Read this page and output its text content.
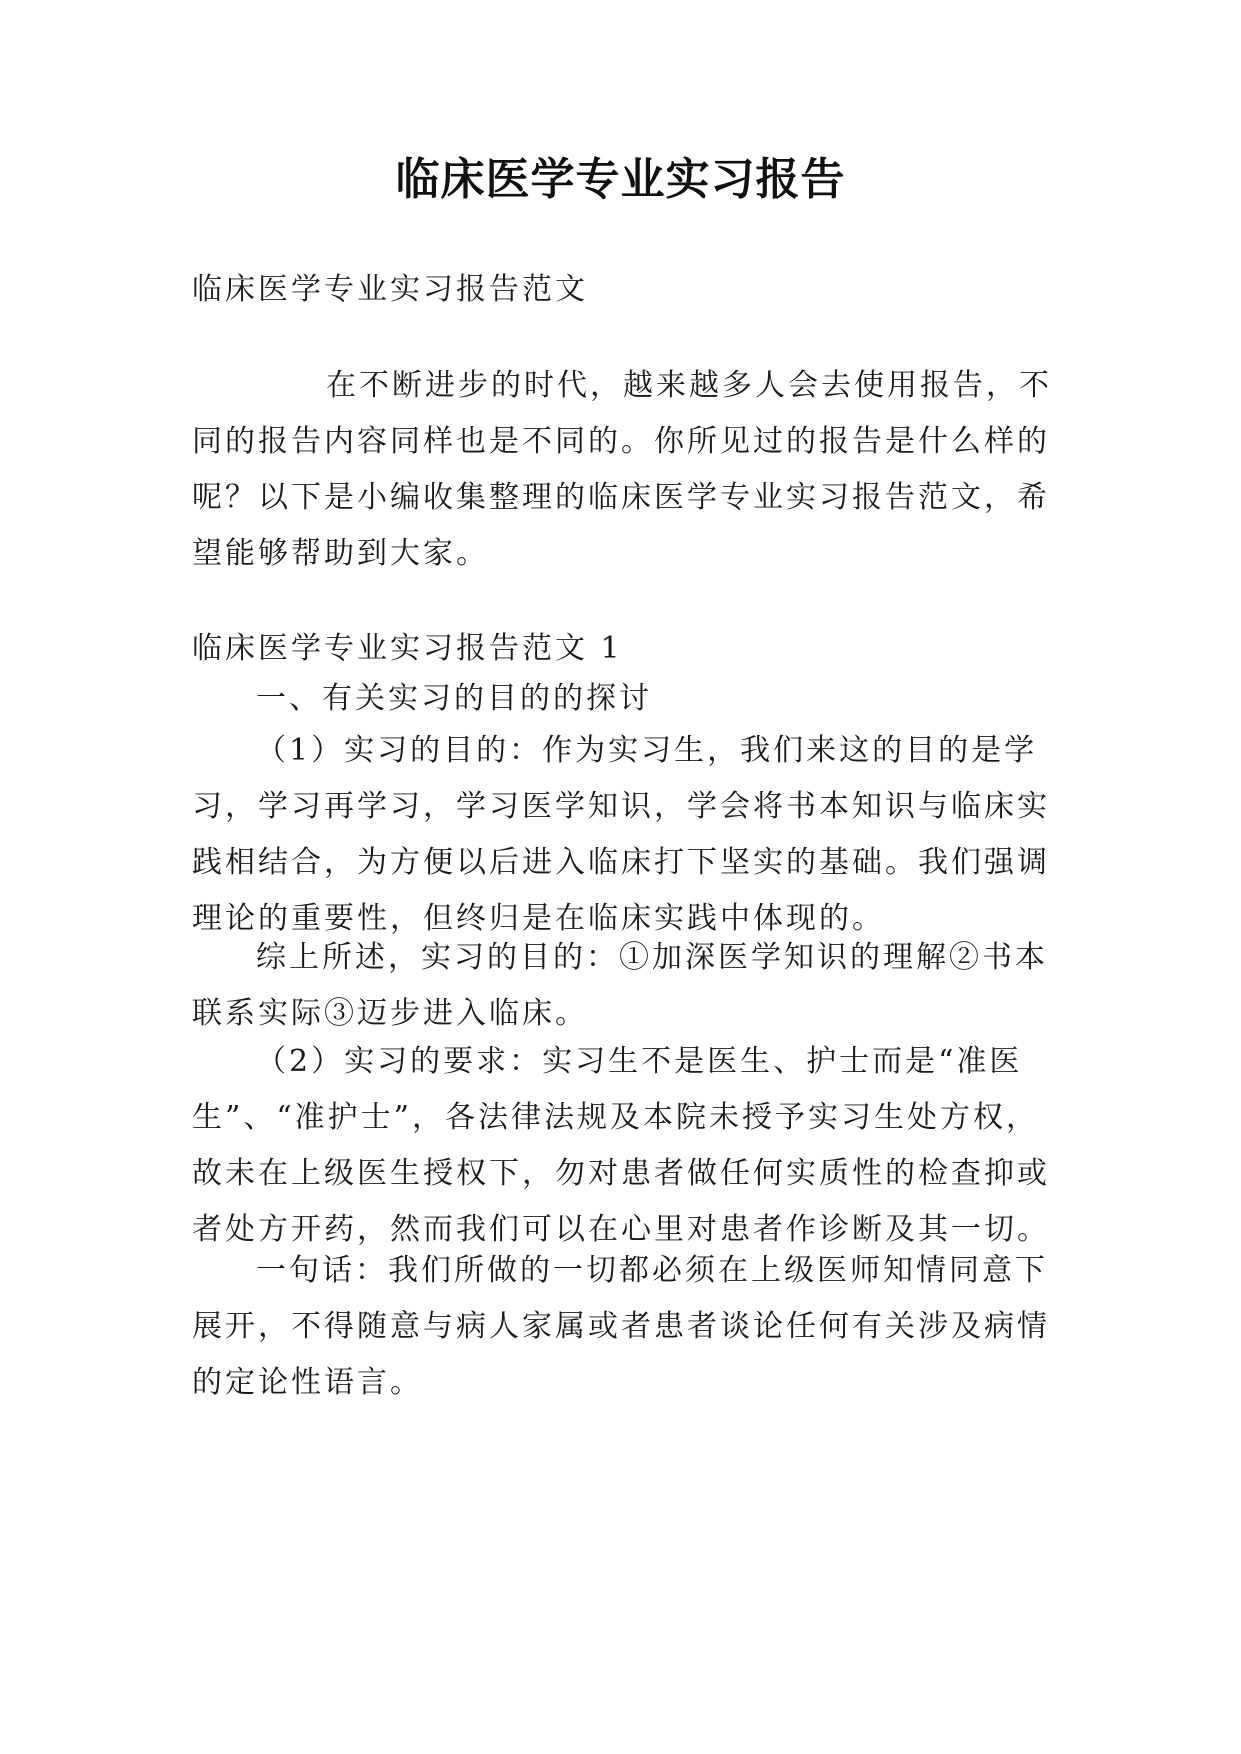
临床医学专业实习报告
临床医学专业实习报告范文
在不断进步的时代，越来越多人会去使用报告，不
同的报告内容同样也是不同的。你所见过的报告是什么样的
呢？以下是小编收集整理的临床医学专业实习报告范文，希
望能够帮助到大家。
临床医学专业实习报告范文 1
一、有关实习的目的的探讨
（1）实习的目的：作为实习生，我们来这的目的是学
习，学习再学习，学习医学知识，学会将书本知识与临床实
践相结合，为方便以后进入临床打下坚实的基础。我们强调
理论的重要性，但终归是在临床实践中体现的。
综上所述，实习的目的：①加深医学知识的理解②书本
联系实际③迈步进入临床。
（2）实习的要求：实习生不是医生、护士而是“准医
生”、“准护士”，各法律法规及本院未授予实习生处方权，
故未在上级医生授权下，勿对患者做任何实质性的检查抑或
者处方开药，然而我们可以在心里对患者作诊断及其一切。
一句话：我们所做的一切都必须在上级医师知情同意下
展开，不得随意与病人家属或者患者谈论任何有关涉及病情
的定论性语言。
